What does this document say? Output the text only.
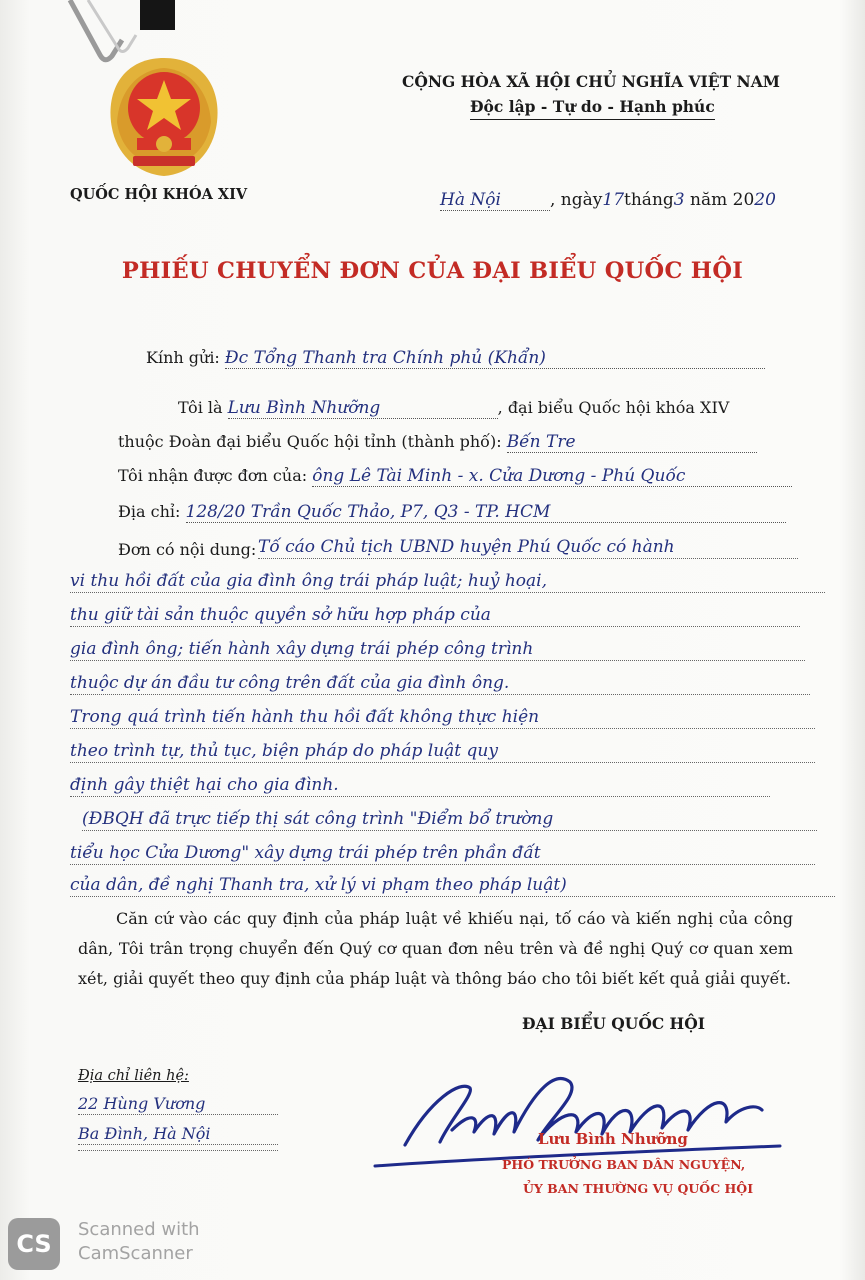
QUỐC HỘI KHÓA XIV
CỘNG HÒA XÃ HỘI CHỦ NGHĨA VIỆT NAM
Độc lập - Tự do - Hạnh phúc
Hà Nội	, ngày17tháng3 năm 2020
PHIẾU CHUYỂN ĐƠN CỦA ĐẠI BIỂU QUỐC HỘI
Kính gửi: Đc Tổng Thanh tra Chính phủ (Khẩn)
Tôi là Lưu Bình Nhưỡng	, đại biểu Quốc hội khóa XIV
thuộc Đoàn đại biểu Quốc hội tỉnh (thành phố): Bến Tre
Tôi nhận được đơn của: ông Lê Tài Minh - x. Cửa Dương - Phú Quốc
Địa chỉ: 128/20 Trần Quốc Thảo, P7, Q3 - TP. HCM
Đơn có nội dung: Tố cáo Chủ tịch UBND huyện Phú Quốc có hành
vi thu hồi đất của gia đình ông trái pháp luật; huỷ hoại,
thu giữ tài sản thuộc quyền sở hữu hợp pháp của
gia đình ông; tiến hành xây dựng trái phép công trình
thuộc dự án đầu tư công trên đất của gia đình ông.
Trong quá trình tiến hành thu hồi đất không thực hiện
theo trình tự, thủ tục, biện pháp do pháp luật quy
định gây thiệt hại cho gia đình.
(ĐBQH đã trực tiếp thị sát công trình "Điểm bổ trường
tiểu học Cửa Dương" xây dựng trái phép trên phần đất
của dân, đề nghị Thanh tra, xử lý vi phạm theo pháp luật)
Căn cứ vào các quy định của pháp luật về khiếu nại, tố cáo và kiến nghị của công dân, Tôi trân trọng chuyển đến Quý cơ quan đơn nêu trên và đề nghị Quý cơ quan xem xét, giải quyết theo quy định của pháp luật và thông báo cho tôi biết kết quả giải quyết.
ĐẠI BIỂU QUỐC HỘI
Địa chỉ liên hệ:
22 Hùng Vương
Ba Đình, Hà Nội	Lưu Bình Nhưỡng
PHÓ TRƯỞNG BAN DÂN NGUYỆN,
ỦY BAN THƯỜNG VỤ QUỐC HỘI
CS
Scanned with
CamScanner
